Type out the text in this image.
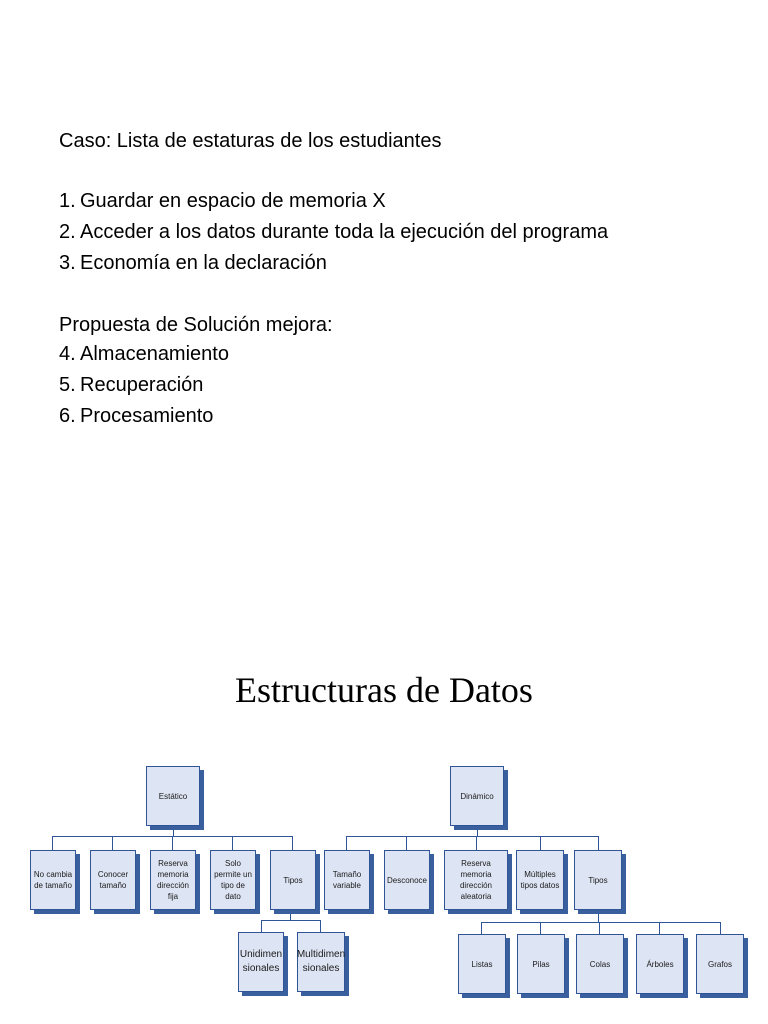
Caso: Lista de estaturas de los estudiantes

1. Guardar en espacio de memoria X
2. Acceder a los datos durante toda la ejecución del programa
3. Economía en la declaración

Propuesta de Solución mejora:

4. Almacenamiento
5. Recuperación
6. Procesamiento
Estructuras de Datos
Estático
No cambia de tamaño
Conocer tamaño
Reserva memoria dirección fija
Solo permite un tipo de dato
Tipos
Unidimen sionales
Multidimen sionales
Dinámico
Tamaño variable
Desconoce
Reserva memoria dirección aleatoria
Múltiples tipos datos
Tipos
Listas	Pilas	Colas	Árboles	Grafos
